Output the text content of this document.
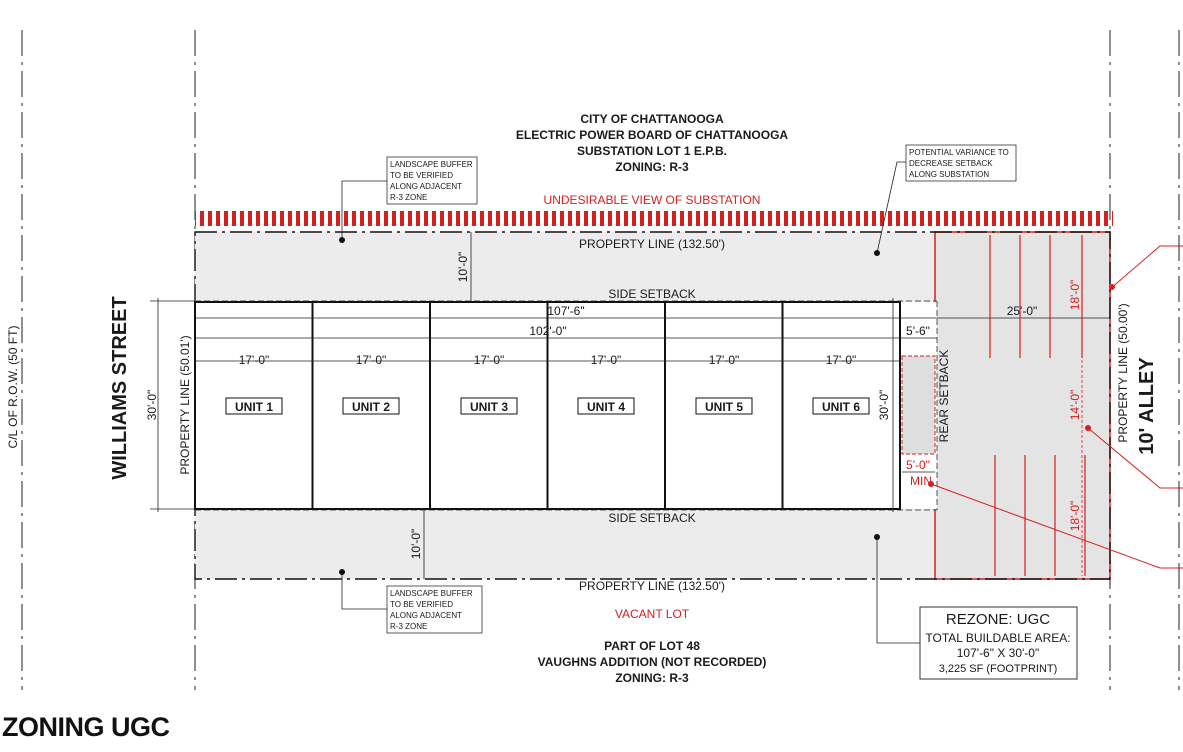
CITY OF CHATTANOOGA
ELECTRIC POWER BOARD OF CHATTANOOGA
SUBSTATION LOT 1 E.P.B.
ZONING: R-3
LANDSCAPE BUFFER
TO BE VERIFIED
ALONG ADJACENT
R-3 ZONE
LANDSCAPE BUFFER
TO BE VERIFIED
ALONG ADJACENT
R-3 ZONE
POTENTIAL VARIANCE TO
DECREASE SETBACK
ALONG SUBSTATION
UNDESIRABLE VIEW OF SUBSTATION
PROPERTY LINE (132.50')
PROPERTY LINE (132.50')
PROPERTY LINE (50.01')	PROPERTY LINE (50.00')
SIDE SETBACK
SIDE SETBACK
REAR SETBACK
107'-6"
102'-0"	5'-6"
5'-0"
MIN
25'-0"
10'-0"
10'-0"
30'-0"	30'-0"
18'-0"
14'-0"
18'-0"
17'-0"	17'-0"	17'-0"	17'-0"	17'-0"	17'-0"
UNIT 1	UNIT 2	UNIT 3	UNIT 4	UNIT 5	UNIT 6
WILLIAMS STREET
C/L OF R.O.W. (50 FT)	10' ALLEY
VACANT LOT
PART OF LOT 48
VAUGHNS ADDITION (NOT RECORDED)
ZONING: R-3
REZONE: UGC
TOTAL BUILDABLE AREA:
107'-6" X 30'-0"
3,225 SF (FOOTPRINT)
ZONING UGC
